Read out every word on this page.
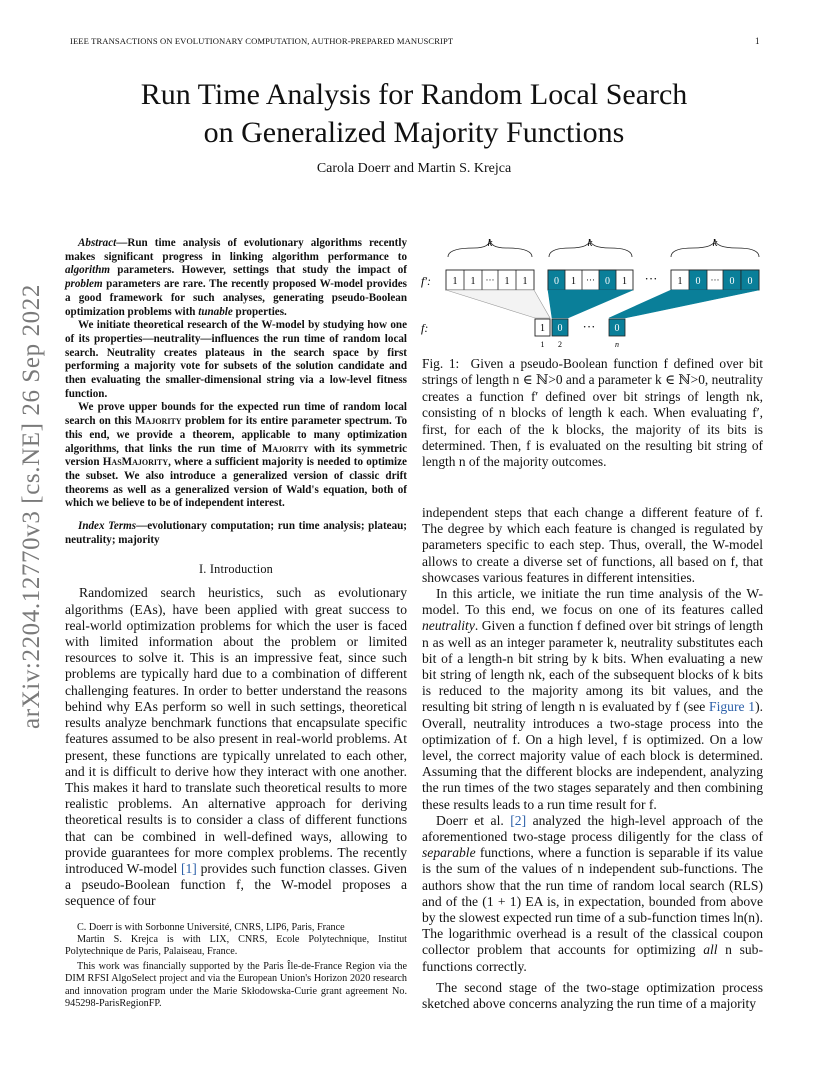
IEEE TRANSACTIONS ON EVOLUTIONARY COMPUTATION, AUTHOR-PREPARED MANUSCRIPT	1
Run Time Analysis for Random Local Search
on Generalized Majority Functions
Carola Doerr and Martin S. Krejca
arXiv:2204.12770v3 [cs.NE] 26 Sep 2022

Abstract—Run time analysis of evolutionary algorithms recently makes significant progress in linking algorithm performance to algorithm parameters. However, settings that study the impact of problem parameters are rare. The recently proposed W-model provides a good framework for such analyses, generating pseudo-Boolean optimization problems with tunable properties.

We initiate theoretical research of the W-model by studying how one of its properties—neutrality—influences the run time of random local search. Neutrality creates plateaus in the search space by first performing a majority vote for subsets of the solution candidate and then evaluating the smaller-dimensional string via a low-level fitness function.

We prove upper bounds for the expected run time of random local search on this Majority problem for its entire parameter spectrum. To this end, we provide a theorem, applicable to many optimization algorithms, that links the run time of Majority with its symmetric version HasMajority, where a sufficient majority is needed to optimize the subset. We also introduce a generalized version of classic drift theorems as well as a generalized version of Wald's equation, both of which we believe to be of independent interest.

Index Terms—evolutionary computation; run time analysis; plateau; neutrality; majority

I. Introduction

Randomized search heuristics, such as evolutionary algorithms (EAs), have been applied with great success to real-world optimization problems for which the user is faced with limited information about the problem or limited resources to solve it. This is an impressive feat, since such problems are typically hard due to a combination of different challenging features. In order to better understand the reasons behind why EAs perform so well in such settings, theoretical results analyze benchmark functions that encapsulate specific features assumed to be also present in real-world problems. At present, these functions are typically unrelated to each other, and it is difficult to derive how they interact with one another. This makes it hard to translate such theoretical results to more realistic problems. An alternative approach for deriving theoretical results is to consider a class of different functions that can be combined in well-defined ways, allowing to provide guarantees for more complex problems. The recently introduced W-model [1] provides such function classes. Given a pseudo-Boolean function f, the W-model proposes a sequence of four

C. Doerr is with Sorbonne Université, CNRS, LIP6, Paris, France

Martin S. Krejca is with LIX, CNRS, Ecole Polytechnique, Institut Polytechnique de Paris, Palaiseau, France.

This work was financially supported by the Paris Île-de-France Region via the DIM RFSI AlgoSelect project and via the European Union's Horizon 2020 research and innovation program under the Marie Skłodowska-Curie grant agreement No. 945298-ParisRegionFP.

k	k	k
f′: 1 1 ··· 1 1	0 1 ··· 0 1 ··· 1 0 ··· 0 0
f:	1 0 ··· 0
1 2	n

Fig. 1: Given a pseudo-Boolean function f defined over bit strings of length n ∈ ℕ>0 and a parameter k ∈ ℕ>0, neutrality creates a function f′ defined over bit strings of length nk, consisting of n blocks of length k each. When evaluating f′, first, for each of the k blocks, the majority of its bits is determined. Then, f is evaluated on the resulting bit string of length n of the majority outcomes.

independent steps that each change a different feature of f. The degree by which each feature is changed is regulated by parameters specific to each step. Thus, overall, the W-model allows to create a diverse set of functions, all based on f, that showcases various features in different intensities.

In this article, we initiate the run time analysis of the W-model. To this end, we focus on one of its features called neutrality. Given a function f defined over bit strings of length n as well as an integer parameter k, neutrality substitutes each bit of a length-n bit string by k bits. When evaluating a new bit string of length nk, each of the subsequent blocks of k bits is reduced to the majority among its bit values, and the resulting bit string of length n is evaluated by f (see Figure 1). Overall, neutrality introduces a two-stage process into the optimization of f. On a high level, f is optimized. On a low level, the correct majority value of each block is determined. Assuming that the different blocks are independent, analyzing the run times of the two stages separately and then combining these results leads to a run time result for f.

Doerr et al. [2] analyzed the high-level approach of the aforementioned two-stage process diligently for the class of separable functions, where a function is separable if its value is the sum of the values of n independent sub-functions. The authors show that the run time of random local search (RLS) and of the (1 + 1) EA is, in expectation, bounded from above by the slowest expected run time of a sub-function times ln(n). The logarithmic overhead is a result of the classical coupon collector problem that accounts for optimizing all n sub-functions correctly.

The second stage of the two-stage optimization process sketched above concerns analyzing the run time of a majority
